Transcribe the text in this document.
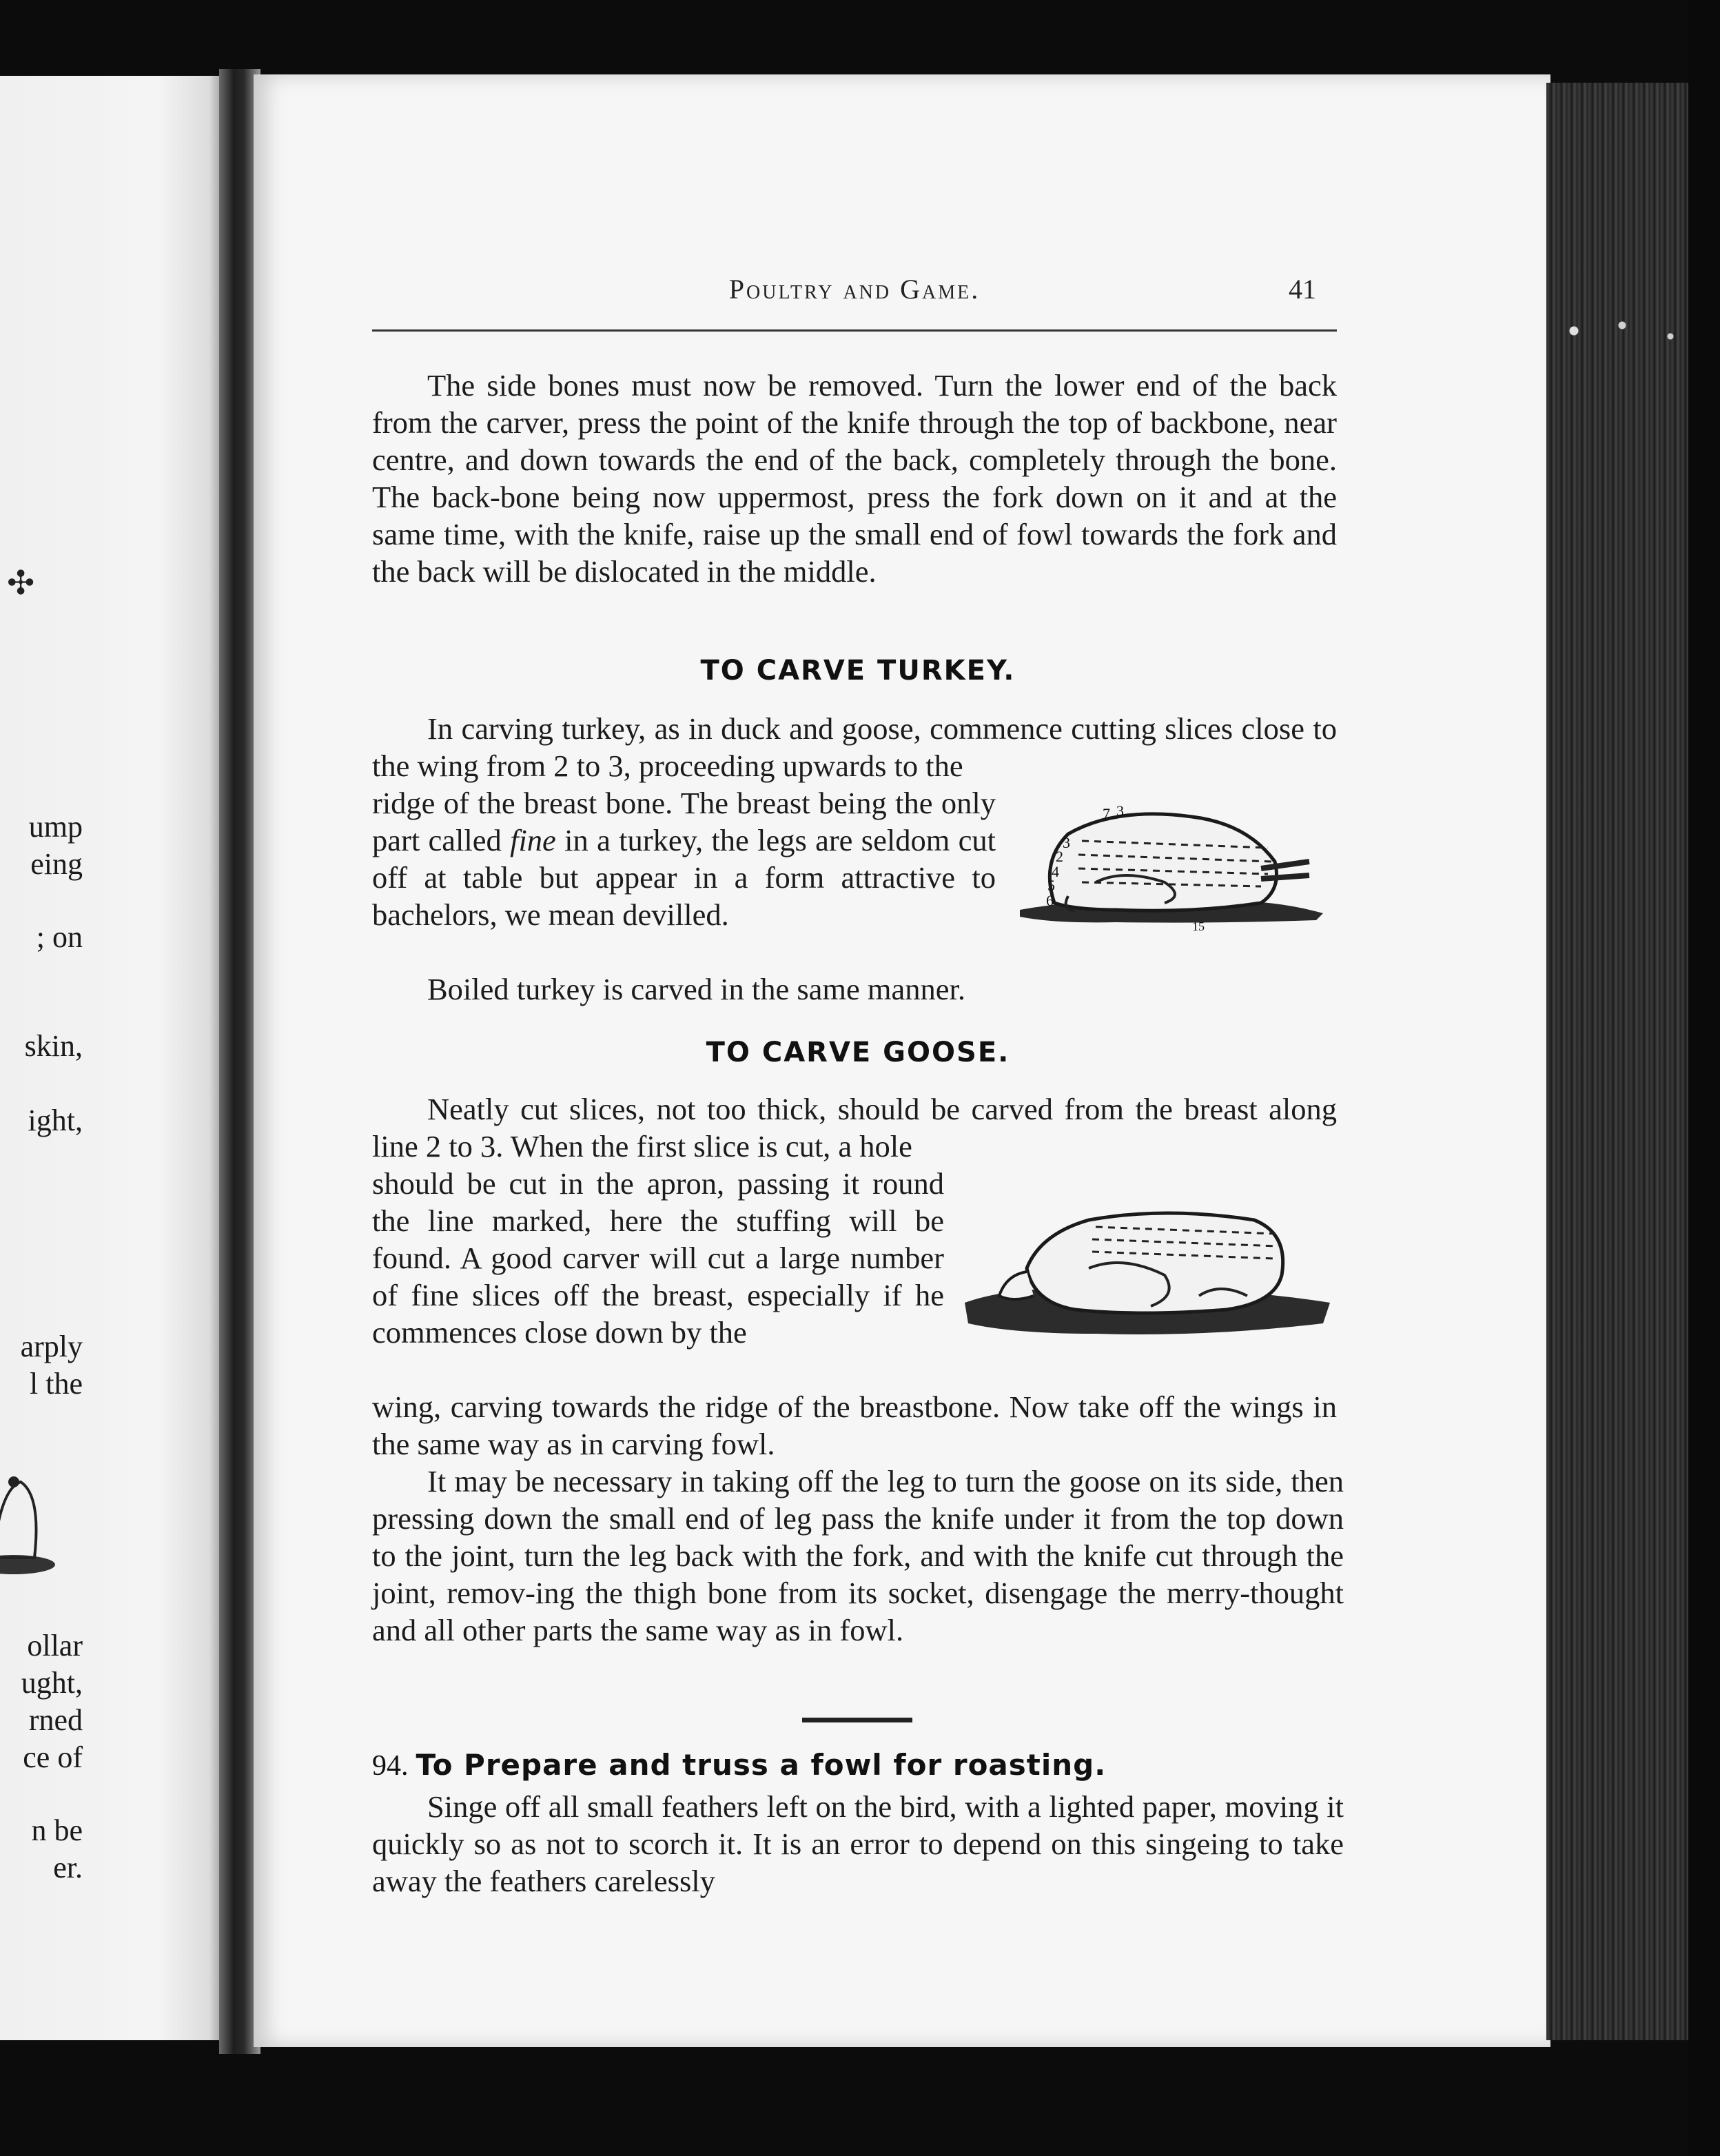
ump
eing
; on
skin,
ight,
arply
l the
ollar
ught,
rned
ce of
n be
er.
✣
Poultry and Game.	41
The side bones must now be removed. Turn the lower end of the back from the carver, press the point of the knife through the top of backbone, near centre, and down towards the end of the back, completely through the bone. The back-bone being now uppermost, press the fork down on it and at the same time, with the knife, raise up the small end of fowl towards the fork and the back will be dislocated in the middle.
TO CARVE TURKEY.
In carving turkey, as in duck and goose, commence cutting slices close to the wing from 2 to 3, proceeding upwards to the
ridge of the breast bone. The breast being the only part called fine in a turkey, the legs are seldom cut off at table but appear in a form attractive to bachelors, we mean devilled.
Boiled turkey is carved in the same manner.
7 3
3
2
4
5
6
15
TO CARVE GOOSE.
Neatly cut slices, not too thick, should be carved from the breast along line 2 to 3. When the first slice is cut, a hole
should be cut in the apron, passing it round the line marked, here the stuffing will be found. A good carver will cut a large number of fine slices off the breast, especially if he commences close down by the
wing, carving towards the ridge of the breastbone. Now take off the wings in the same way as in carving fowl.
It may be necessary in taking off the leg to turn the goose on its side, then pressing down the small end of leg pass the knife under it from the top down to the joint, turn the leg back with the fork, and with the knife cut through the joint, remov-ing the thigh bone from its socket, disengage the merry-thought and all other parts the same way as in fowl.
94. To Prepare and truss a fowl for roasting.
Singe off all small feathers left on the bird, with a lighted paper, moving it quickly so as not to scorch it. It is an error to depend on this singeing to take away the feathers carelessly
